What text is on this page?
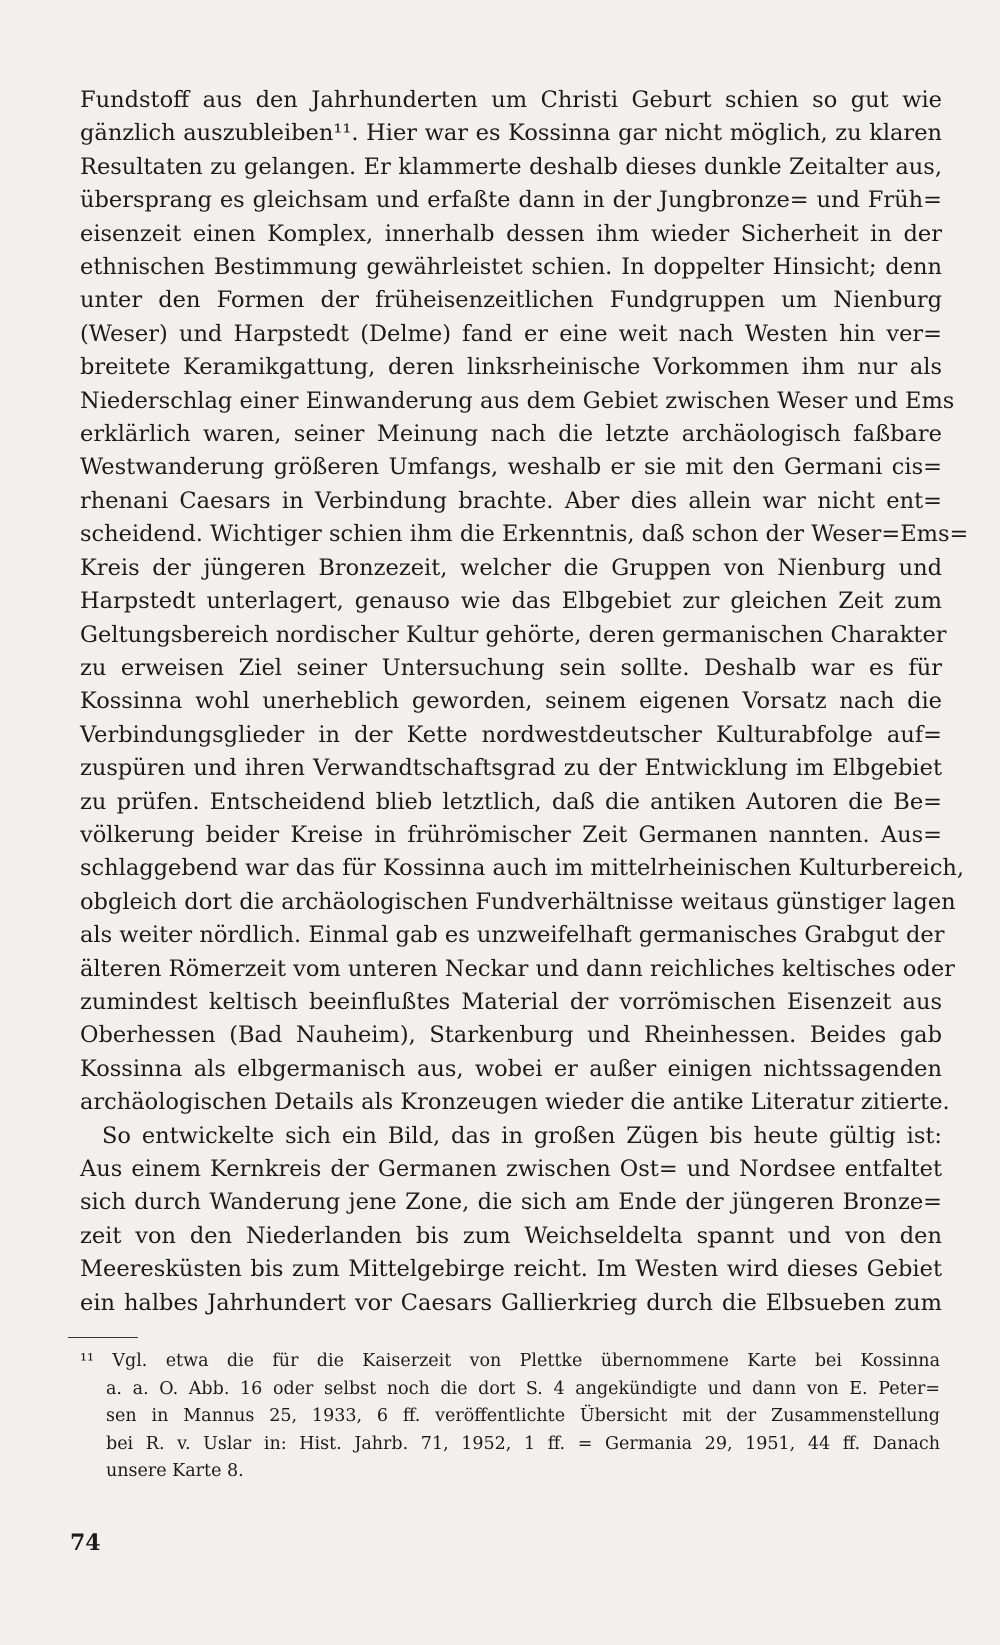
Fundstoff aus den Jahrhunderten um Christi Geburt schien so gut wie
gänzlich auszubleiben¹¹. Hier war es Kossinna gar nicht möglich, zu klaren
Resultaten zu gelangen. Er klammerte deshalb dieses dunkle Zeitalter aus,
übersprang es gleichsam und erfaßte dann in der Jungbronze= und Früh=
eisenzeit einen Komplex, innerhalb dessen ihm wieder Sicherheit in der
ethnischen Bestimmung gewährleistet schien. In doppelter Hinsicht; denn
unter den Formen der früheisenzeitlichen Fundgruppen um Nienburg
(Weser) und Harpstedt (Delme) fand er eine weit nach Westen hin ver=
breitete Keramikgattung, deren linksrheinische Vorkommen ihm nur als
Niederschlag einer Einwanderung aus dem Gebiet zwischen Weser und Ems
erklärlich waren, seiner Meinung nach die letzte archäologisch faßbare
Westwanderung größeren Umfangs, weshalb er sie mit den Germani cis=
rhenani Caesars in Verbindung brachte. Aber dies allein war nicht ent=
scheidend. Wichtiger schien ihm die Erkenntnis, daß schon der Weser=Ems=
Kreis der jüngeren Bronzezeit, welcher die Gruppen von Nienburg und
Harpstedt unterlagert, genauso wie das Elbgebiet zur gleichen Zeit zum
Geltungsbereich nordischer Kultur gehörte, deren germanischen Charakter
zu erweisen Ziel seiner Untersuchung sein sollte. Deshalb war es für
Kossinna wohl unerheblich geworden, seinem eigenen Vorsatz nach die
Verbindungsglieder in der Kette nordwestdeutscher Kulturabfolge auf=
zuspüren und ihren Verwandtschaftsgrad zu der Entwicklung im Elbgebiet
zu prüfen. Entscheidend blieb letztlich, daß die antiken Autoren die Be=
völkerung beider Kreise in frührömischer Zeit Germanen nannten. Aus=
schlaggebend war das für Kossinna auch im mittelrheinischen Kulturbereich,
obgleich dort die archäologischen Fundverhältnisse weitaus günstiger lagen
als weiter nördlich. Einmal gab es unzweifelhaft germanisches Grabgut der
älteren Römerzeit vom unteren Neckar und dann reichliches keltisches oder
zumindest keltisch beeinflußtes Material der vorrömischen Eisenzeit aus
Oberhessen (Bad Nauheim), Starkenburg und Rheinhessen. Beides gab
Kossinna als elbgermanisch aus, wobei er außer einigen nichtssagenden
archäologischen Details als Kronzeugen wieder die antike Literatur zitierte.
So entwickelte sich ein Bild, das in großen Zügen bis heute gültig ist:
Aus einem Kernkreis der Germanen zwischen Ost= und Nordsee entfaltet
sich durch Wanderung jene Zone, die sich am Ende der jüngeren Bronze=
zeit von den Niederlanden bis zum Weichseldelta spannt und von den
Meeresküsten bis zum Mittelgebirge reicht. Im Westen wird dieses Gebiet
ein halbes Jahrhundert vor Caesars Gallierkrieg durch die Elbsueben zum
¹¹ Vgl. etwa die für die Kaiserzeit von Plettke übernommene Karte bei Kossinna
a. a. O. Abb. 16 oder selbst noch die dort S. 4 angekündigte und dann von E. Peter=
sen in Mannus 25, 1933, 6 ff. veröffentlichte Übersicht mit der Zusammenstellung
bei R. v. Uslar in: Hist. Jahrb. 71, 1952, 1 ff. = Germania 29, 1951, 44 ff. Danach
unsere Karte 8.
74
